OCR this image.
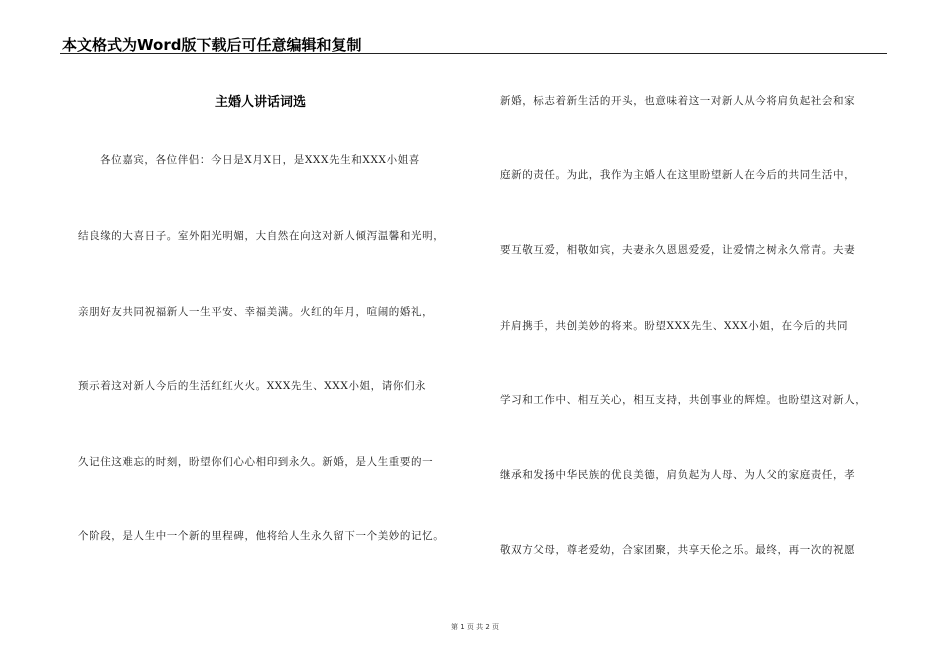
本文格式为Word版下载后可任意编辑和复制
主婚人讲话词选
各位嘉宾，各位伴侣：今日是X月X日，是XXX先生和XXX小姐喜
结良缘的大喜日子。室外阳光明媚，大自然在向这对新人倾泻温馨和光明，
亲朋好友共同祝福新人一生平安、幸福美满。火红的年月，喧闹的婚礼，
预示着这对新人今后的生活红红火火。XXX先生、XXX小姐，请你们永
久记住这难忘的时刻，盼望你们心心相印到永久。新婚，是人生重要的一
个阶段，是人生中一个新的里程碑，他将给人生永久留下一个美妙的记忆。
新婚，标志着新生活的开头，也意味着这一对新人从今将肩负起社会和家
庭新的责任。为此，我作为主婚人在这里盼望新人在今后的共同生活中，
要互敬互爱，相敬如宾，夫妻永久恩恩爱爱，让爱情之树永久常青。夫妻
并肩携手，共创美妙的将来。盼望XXX先生、XXX小姐，在今后的共同
学习和工作中、相互关心，相互支持，共创事业的辉煌。也盼望这对新人，
继承和发扬中华民族的优良美德，肩负起为人母、为人父的家庭责任，孝
敬双方父母，尊老爱幼，合家团聚，共享天伦之乐。最终，再一次的祝愿
第 1 页 共 2 页
